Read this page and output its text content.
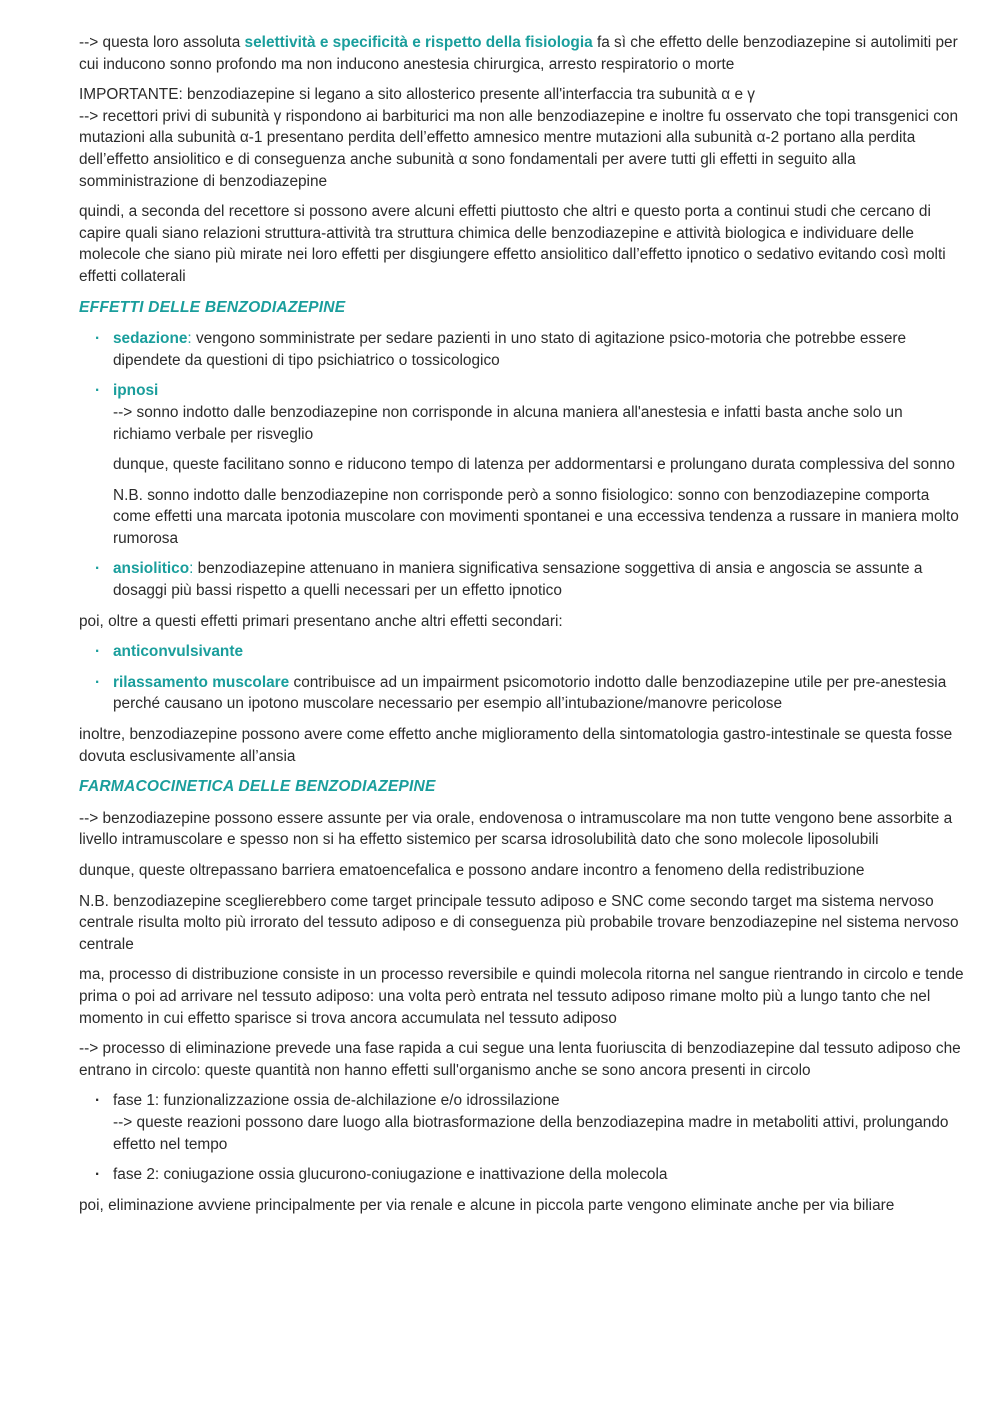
--> questa loro assoluta selettività e specificità e rispetto della fisiologia fa sì che effetto delle benzodiazepine si autolimiti per cui inducono sonno profondo ma non inducono anestesia chirurgica, arresto respiratorio o morte

IMPORTANTE: benzodiazepine si legano a sito allosterico presente all'interfaccia tra subunità α e γ
--> recettori privi di subunità γ rispondono ai barbiturici ma non alle benzodiazepine e inoltre fu osservato che topi transgenici con mutazioni alla subunità α-1 presentano perdita dell’effetto amnesico mentre mutazioni alla subunità α-2 portano alla perdita dell’effetto ansiolitico e di conseguenza anche subunità α sono fondamentali per avere tutti gli effetti in seguito alla somministrazione di benzodiazepine

quindi, a seconda del recettore si possono avere alcuni effetti piuttosto che altri e questo porta a continui studi che cercano di capire quali siano relazioni struttura-attività tra struttura chimica delle benzodiazepine e attività biologica e individuare delle molecole che siano più mirate nei loro effetti per disgiungere effetto ansiolitico dall’effetto ipnotico o sedativo evitando così molti effetti collaterali

EFFETTI DELLE BENZODIAZEPINE
· sedazione: vengono somministrate per sedare pazienti in uno stato di agitazione psico-motoria che potrebbe essere dipendete da questioni di tipo psichiatrico o tossicologico
· ipnosi
--> sonno indotto dalle benzodiazepine non corrisponde in alcuna maniera all'anestesia e infatti basta anche solo un richiamo verbale per risveglio

dunque, queste facilitano sonno e riducono tempo di latenza per addormentarsi e prolungano durata complessiva del sonno

N.B. sonno indotto dalle benzodiazepine non corrisponde però a sonno fisiologico: sonno con benzodiazepine comporta come effetti una marcata ipotonia muscolare con movimenti spontanei e una eccessiva tendenza a russare in maniera molto rumorosa

· ansiolitico: benzodiazepine attenuano in maniera significativa sensazione soggettiva di ansia e angoscia se assunte a dosaggi più bassi rispetto a quelli necessari per un effetto ipnotico

poi, oltre a questi effetti primari presentano anche altri effetti secondari:

· anticonvulsivante
· rilassamento muscolare contribuisce ad un impairment psicomotorio indotto dalle benzodiazepine utile per pre-anestesia perché causano un ipotono muscolare necessario per esempio all’intubazione/manovre pericolose

inoltre, benzodiazepine possono avere come effetto anche miglioramento della sintomatologia gastro-intestinale se questa fosse dovuta esclusivamente all’ansia

FARMACOCINETICA DELLE BENZODIAZEPINE

--> benzodiazepine possono essere assunte per via orale, endovenosa o intramuscolare ma non tutte vengono bene assorbite a livello intramuscolare e spesso non si ha effetto sistemico per scarsa idrosolubilità dato che sono molecole liposolubili

dunque, queste oltrepassano barriera ematoencefalica e possono andare incontro a fenomeno della redistribuzione

N.B. benzodiazepine sceglierebbero come target principale tessuto adiposo e SNC come secondo target ma sistema nervoso centrale risulta molto più irrorato del tessuto adiposo e di conseguenza più probabile trovare benzodiazepine nel sistema nervoso centrale

ma, processo di distribuzione consiste in un processo reversibile e quindi molecola ritorna nel sangue rientrando in circolo e tende prima o poi ad arrivare nel tessuto adiposo: una volta però entrata nel tessuto adiposo rimane molto più a lungo tanto che nel momento in cui effetto sparisce si trova ancora accumulata nel tessuto adiposo

--> processo di eliminazione prevede una fase rapida a cui segue una lenta fuoriuscita di benzodiazepine dal tessuto adiposo che entrano in circolo: queste quantità non hanno effetti sull'organismo anche se sono ancora presenti in circolo

· fase 1: funzionalizzazione ossia de-alchilazione e/o idrossilazione
--> queste reazioni possono dare luogo alla biotrasformazione della benzodiazepina madre in metaboliti attivi, prolungando effetto nel tempo
· fase 2: coniugazione ossia glucurono-coniugazione e inattivazione della molecola

poi, eliminazione avviene principalmente per via renale e alcune in piccola parte vengono eliminate anche per via biliare
